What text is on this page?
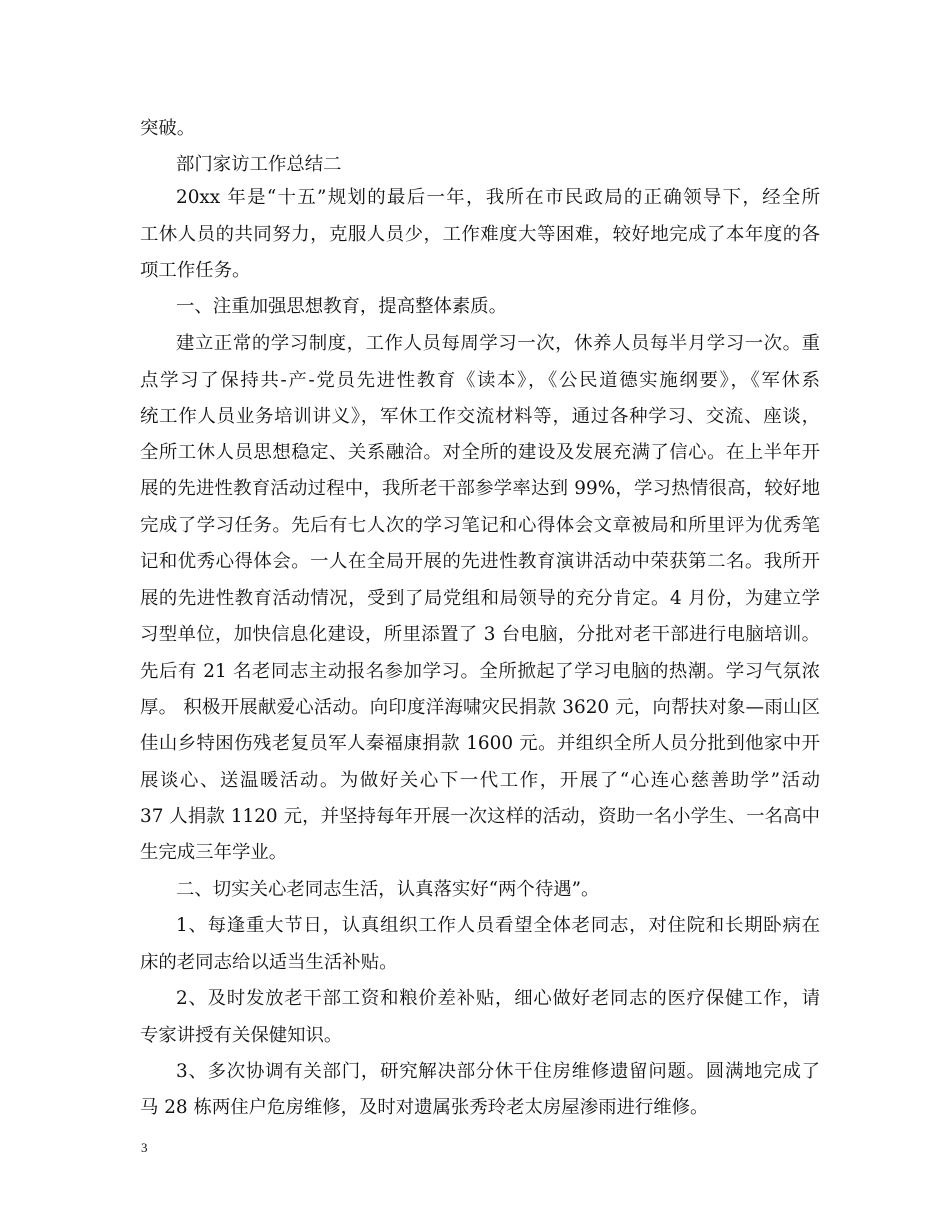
突破。
部门家访工作总结二
20xx 年是“十五”规划的最后一年，我所在市民政局的正确领导下，经全所
工休人员的共同努力，克服人员少，工作难度大等困难，较好地完成了本年度的各
项工作任务。
一、注重加强思想教育，提高整体素质。
建立正常的学习制度，工作人员每周学习一次，休养人员每半月学习一次。重
点学习了保持共-产-党员先进性教育《读本》，《公民道德实施纲要》，《军休系
统工作人员业务培训讲义》，军休工作交流材料等，通过各种学习、交流、座谈，
全所工休人员思想稳定、关系融洽。对全所的建设及发展充满了信心。在上半年开
展的先进性教育活动过程中，我所老干部参学率达到 99%，学习热情很高，较好地
完成了学习任务。先后有七人次的学习笔记和心得体会文章被局和所里评为优秀笔
记和优秀心得体会。一人在全局开展的先进性教育演讲活动中荣获第二名。我所开
展的先进性教育活动情况，受到了局党组和局领导的充分肯定。4 月份，为建立学
习型单位，加快信息化建设，所里添置了 3 台电脑，分批对老干部进行电脑培训。
先后有 21 名老同志主动报名参加学习。全所掀起了学习电脑的热潮。学习气氛浓
厚。 积极开展献爱心活动。向印度洋海啸灾民捐款 3620 元，向帮扶对象—雨山区
佳山乡特困伤残老复员军人秦福康捐款 1600 元。并组织全所人员分批到他家中开
展谈心、送温暖活动。为做好关心下一代工作，开展了“心连心慈善助学”活动
37 人捐款 1120 元，并坚持每年开展一次这样的活动，资助一名小学生、一名高中
生完成三年学业。
二、切实关心老同志生活，认真落实好“两个待遇”。
1、每逢重大节日，认真组织工作人员看望全体老同志，对住院和长期卧病在
床的老同志给以适当生活补贴。
2、及时发放老干部工资和粮价差补贴，细心做好老同志的医疗保健工作，请
专家讲授有关保健知识。
3、多次协调有关部门，研究解决部分休干住房维修遗留问题。圆满地完成了
马 28 栋两住户危房维修，及时对遗属张秀玲老太房屋渗雨进行维修。
3
